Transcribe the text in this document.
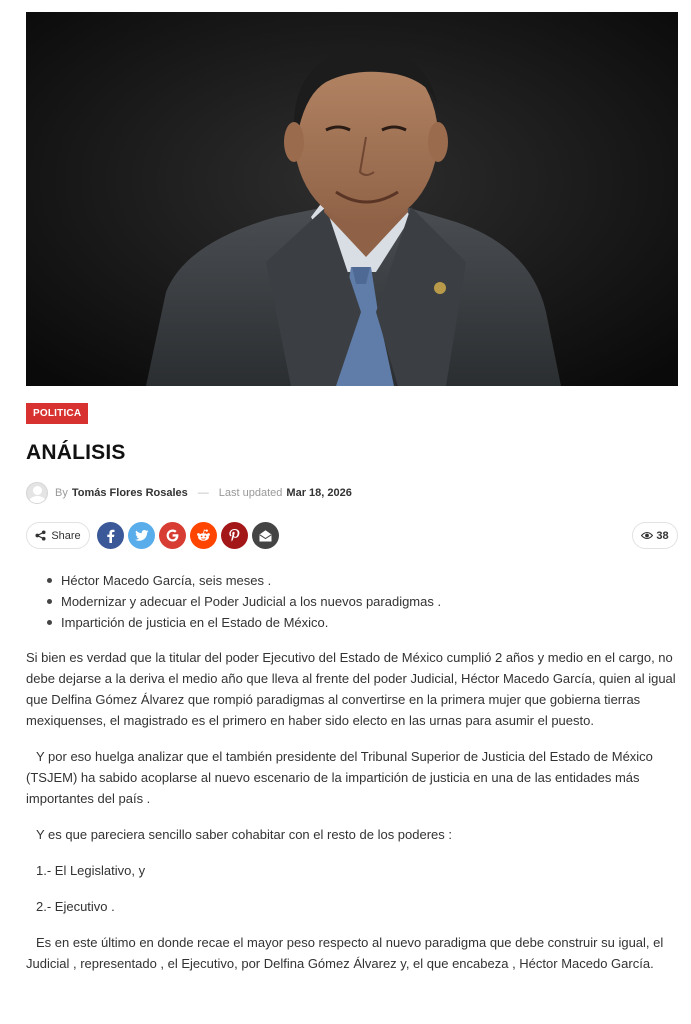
POLITICA
ANÁLISIS
By Tomás Flores Rosales — Last updated Mar 18, 2026
Share	38
Héctor Macedo García, seis meses .
Modernizar y adecuar el Poder Judicial a los nuevos paradigmas .
Impartición de justicia en el Estado de México.

Si bien es verdad que la titular del poder Ejecutivo del Estado de México cumplió 2 años y medio en el cargo, no debe dejarse a la deriva el medio año que lleva al frente del poder Judicial, Héctor Macedo García, quien al igual que Delfina Gómez Álvarez que rompió paradigmas al convertirse en la primera mujer que gobierna tierras mexiquenses, el magistrado es el primero en haber sido electo en las urnas para asumir el puesto.

Y por eso huelga analizar que el también presidente del Tribunal Superior de Justicia del Estado de México (TSJEM) ha sabido acoplarse al nuevo escenario de la impartición de justicia en una de las entidades más importantes del país .

Y es que pareciera sencillo saber cohabitar con el resto de los poderes :

1.- El Legislativo, y

2.- Ejecutivo .

Es en este último en donde recae el mayor peso respecto al nuevo paradigma que debe construir su igual, el Judicial , representado , el Ejecutivo, por Delfina Gómez Álvarez y, el que encabeza , Héctor Macedo García.
